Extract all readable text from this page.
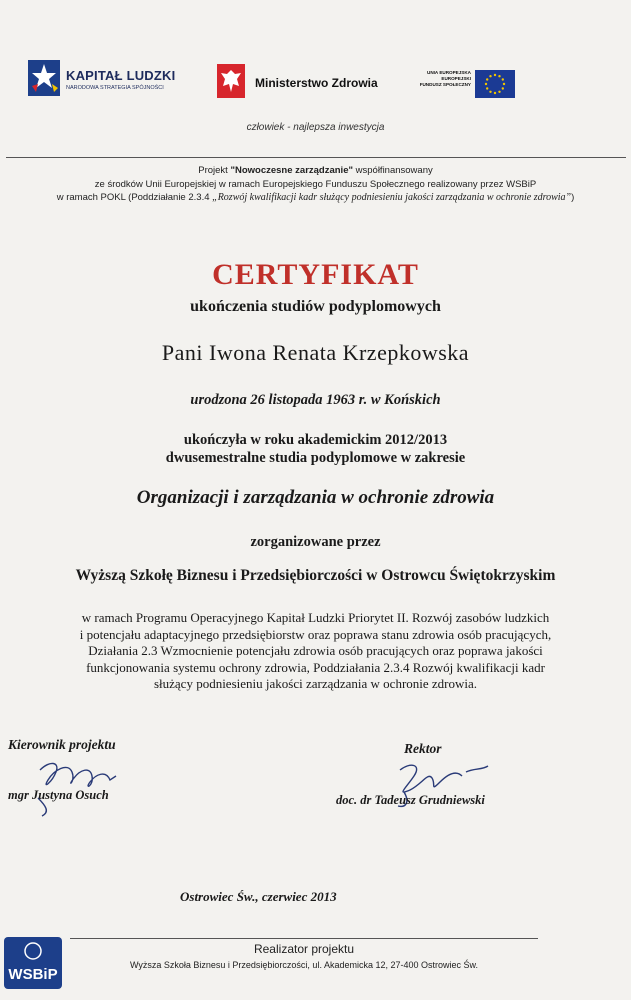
KAPITAŁ LUDZKI
NARODOWA STRATEGIA SPÓJNOŚCI	Ministerstwo Zdrowia
UNIA EUROPEJSKA
EUROPEJSKI
FUNDUSZ SPOŁECZNY
człowiek - najlepsza inwestycja
Projekt "Nowoczesne zarządzanie" współfinansowany
ze środków Unii Europejskiej w ramach Europejskiego Funduszu Społecznego realizowany przez WSBiP
w ramach POKL (Poddziałanie 2.3.4 „Rozwój kwalifikacji kadr służący podniesieniu jakości zarządzania w ochronie zdrowia”)
CERTYFIKAT
ukończenia studiów podyplomowych
Pani Iwona Renata Krzepkowska
urodzona 26 listopada 1963 r. w Końskich
ukończyła w roku akademickim 2012/2013
dwusemestralne studia podyplomowe w zakresie
Organizacji i zarządzania w ochronie zdrowia
zorganizowane przez
Wyższą Szkołę Biznesu i Przedsiębiorczości w Ostrowcu Świętokrzyskim
w ramach Programu Operacyjnego Kapitał Ludzki Priorytet II. Rozwój zasobów ludzkich
i potencjału adaptacyjnego przedsiębiorstw oraz poprawa stanu zdrowia osób pracujących,
Działania 2.3 Wzmocnienie potencjału zdrowia osób pracujących oraz poprawa jakości
funkcjonowania systemu ochrony zdrowia, Poddziałania 2.3.4 Rozwój kwalifikacji kadr
służący podniesieniu jakości zarządzania w ochronie zdrowia.
Kierownik projektu
mgr Justyna Osuch
Rektor
doc. dr Tadeusz Grudniewski
Ostrowiec Św., czerwiec 2013
WSBiP
Realizator projektu
Wyższa Szkoła Biznesu i Przedsiębiorczości, ul. Akademicka 12, 27-400 Ostrowiec Św.
